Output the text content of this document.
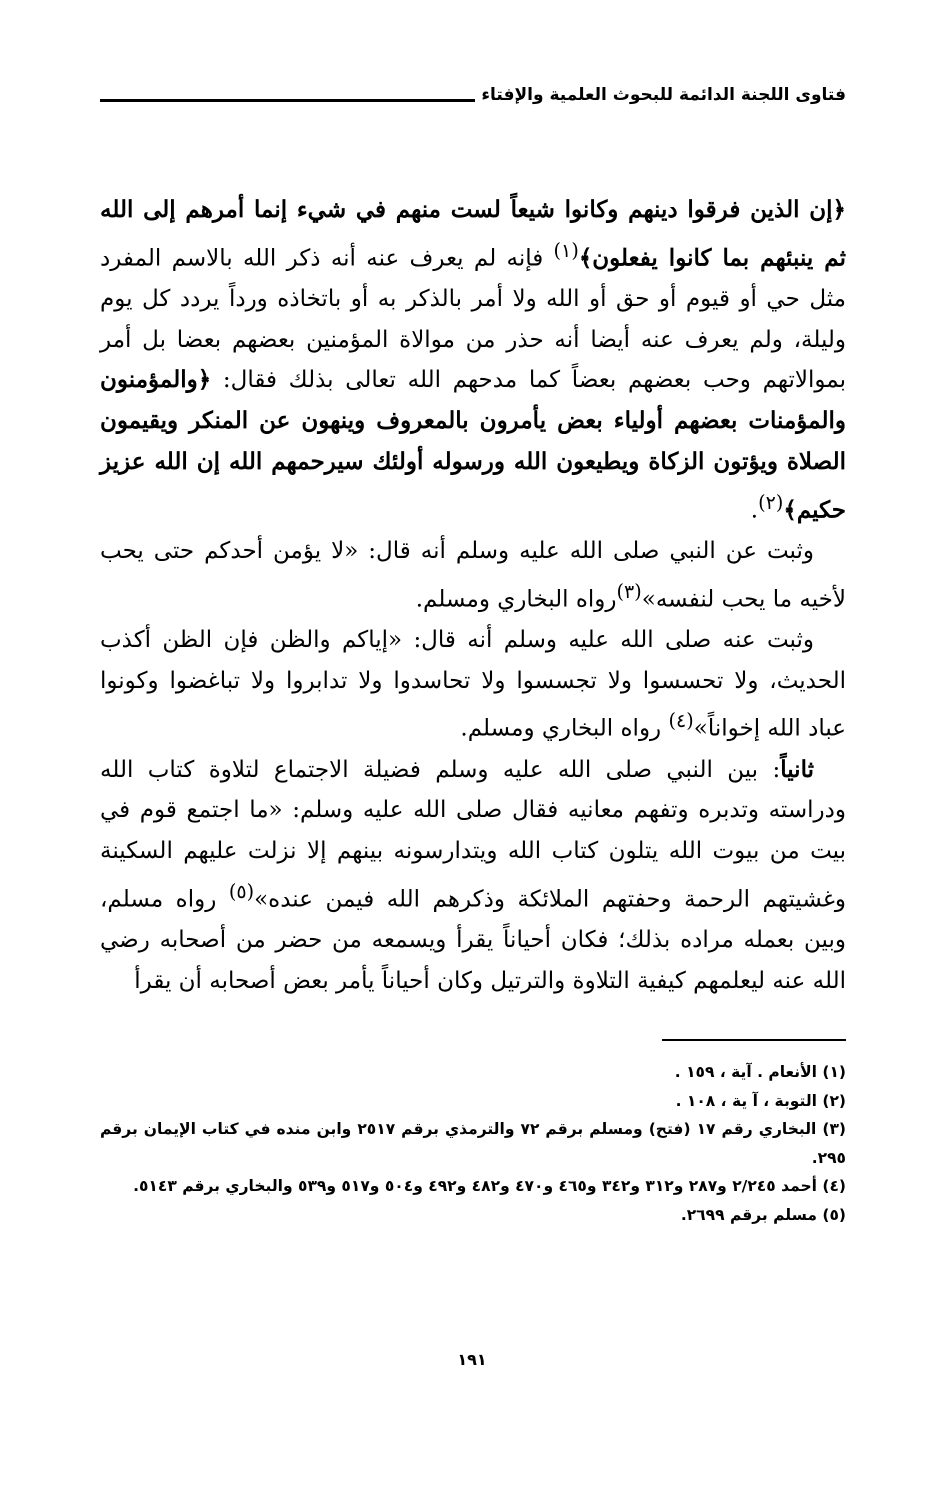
فتاوى اللجنة الدائمة للبحوث العلمية والإفتاء

﴿إن الذين فرقوا دينهم وكانوا شيعاً لست منهم في شيء إنما أمرهم إلى الله ثم ينبئهم بما كانوا يفعلون﴾$^{(١)}$ فإنه لم يعرف عنه أنه ذكر الله بالاسم المفرد مثل حي أو قيوم أو حق أو الله ولا أمر بالذكر به أو باتخاذه ورداً يردد كل يوم وليلة، ولم يعرف عنه أيضا أنه حذر من موالاة المؤمنين بعضهم بعضا بل أمر بموالاتهم وحب بعضهم بعضاً كما مدحهم الله تعالى بذلك فقال: ﴿والمؤمنون والمؤمنات بعضهم أولياء بعض يأمرون بالمعروف وينهون عن المنكر ويقيمون الصلاة ويؤتون الزكاة ويطيعون الله ورسوله أولئك سيرحمهم الله إن الله عزيز حكيم﴾$^{(٢)}$.

وثبت عن النبي صلى الله عليه وسلم أنه قال: «لا يؤمن أحدكم حتى يحب لأخيه ما يحب لنفسه»$^{(٣)}$رواه البخاري ومسلم.

وثبت عنه صلى الله عليه وسلم أنه قال: «إياكم والظن فإن الظن أكذب الحديث، ولا تحسسوا ولا تجسسوا ولا تحاسدوا ولا تدابروا ولا تباغضوا وكونوا عباد الله إخواناً»$^{(٤)}$ رواه البخاري ومسلم.

ثانياً: بين النبي صلى الله عليه وسلم فضيلة الاجتماع لتلاوة كتاب الله ودراسته وتدبره وتفهم معانيه فقال صلى الله عليه وسلم: «ما اجتمع قوم في بيت من بيوت الله يتلون كتاب الله ويتدارسونه بينهم إلا نزلت عليهم السكينة وغشيتهم الرحمة وحفتهم الملائكة وذكرهم الله فيمن عنده»$^{(٥)}$ رواه مسلم، وبين بعمله مراده بذلك؛ فكان أحياناً يقرأ ويسمعه من حضر من أصحابه رضي الله عنه ليعلمهم كيفية التلاوة والترتيل وكان أحياناً يأمر بعض أصحابه أن يقرأ

(١) الأنعام . آية ، ١٥٩ .

(٢) التوبة ، آ ية ، ١٠٨ .

(٣) البخاري رقم ١٧ (فتح) ومسلم برقم ٧٢ والترمذي برقم ٢٥١٧ وابن منده في كتاب الإيمان برقم ٢٩٥.

(٤) أحمد ٢/٢٤٥ و٢٨٧ و٣١٢ و٣٤٢ و٤٦٥ و٤٧٠ و٤٨٢ و٤٩٢ و٥٠٤ و٥١٧ و٥٣٩ والبخاري برقم ٥١٤٣.

(٥) مسلم برقم ٢٦٩٩.

١٩١
